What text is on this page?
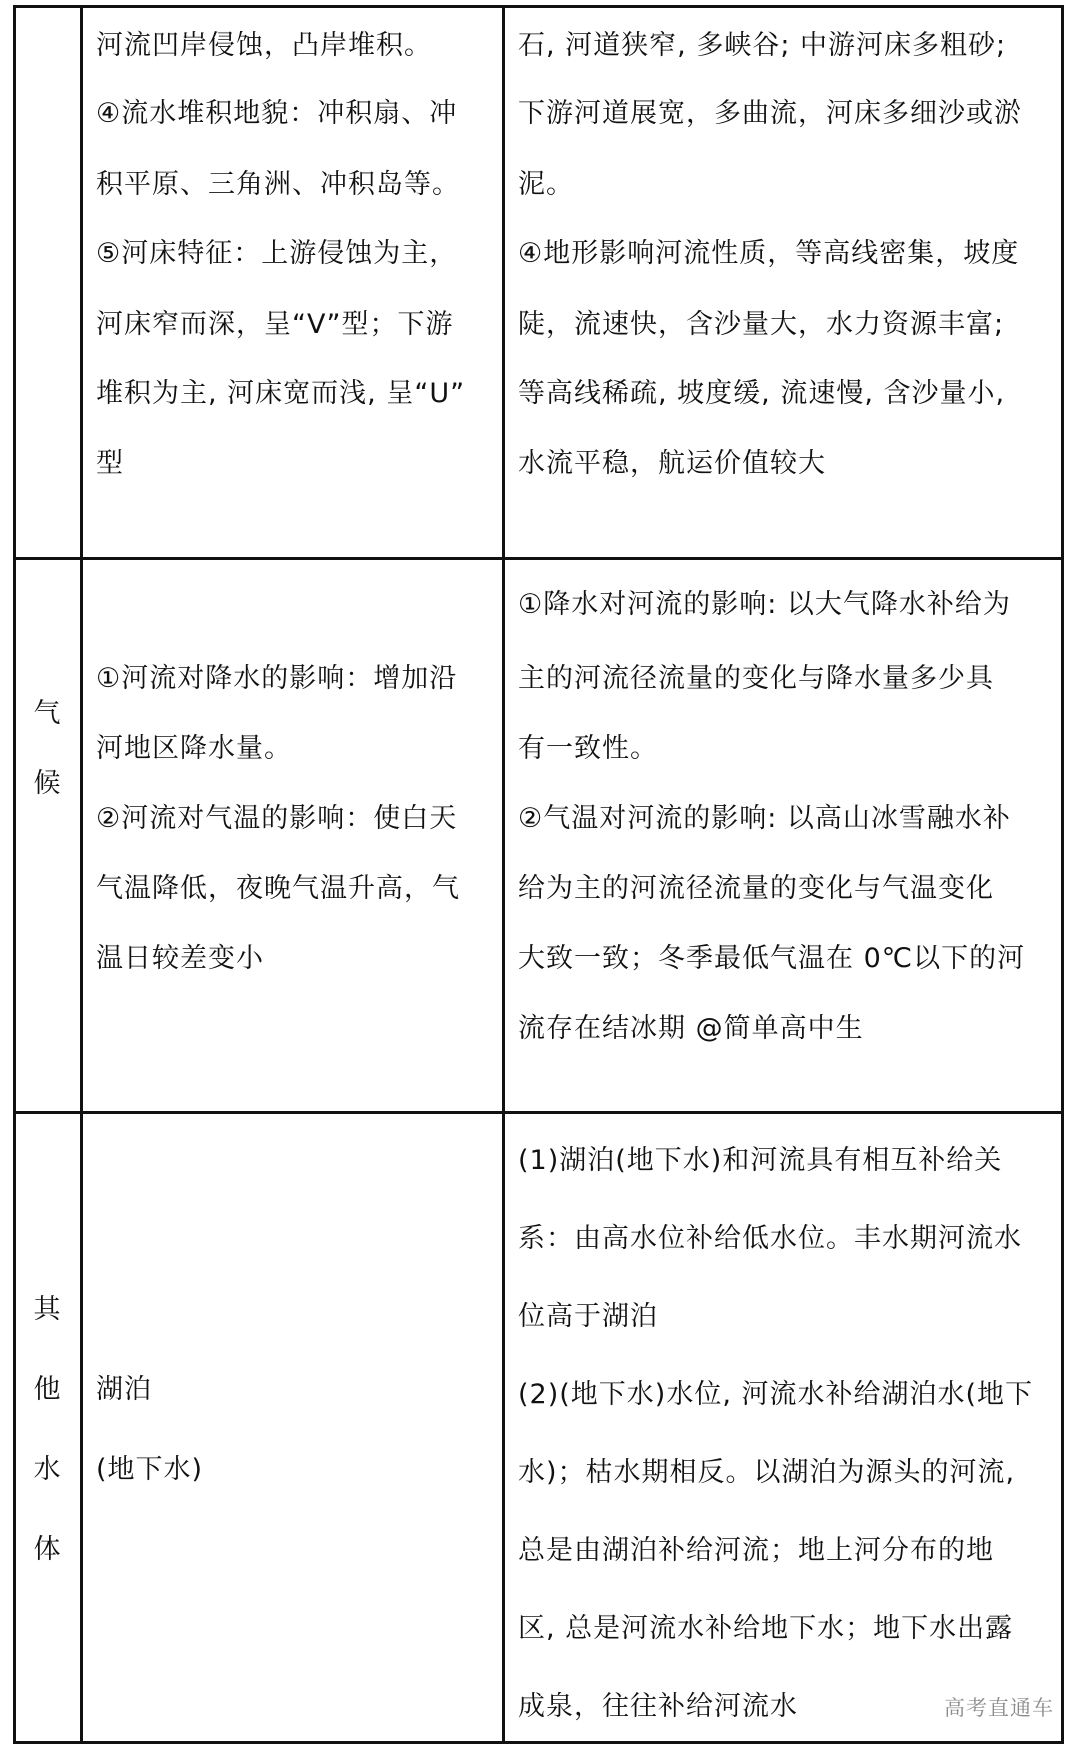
河流凹岸侵蚀，凸岸堆积。
④流水堆积地貌：冲积扇、冲
积平原、三角洲、冲积岛等。
⑤河床特征：上游侵蚀为主，
河床窄而深，呈“V”型；下游
堆积为主, 河床宽而浅, 呈“U”
型
石, 河道狭窄, 多峡谷; 中游河床多粗砂;
下游河道展宽，多曲流，河床多细沙或淤
泥。
④地形影响河流性质，等高线密集，坡度
陡，流速快，含沙量大，水力资源丰富;
等高线稀疏, 坡度缓, 流速慢, 含沙量小,
水流平稳，航运价值较大
气
候
①河流对降水的影响：增加沿
河地区降水量。
②河流对气温的影响：使白天
气温降低，夜晚气温升高，气
温日较差变小
①降水对河流的影响: 以大气降水补给为
主的河流径流量的变化与降水量多少具
有一致性。
②气温对河流的影响: 以高山冰雪融水补
给为主的河流径流量的变化与气温变化
大致一致；冬季最低气温在 0℃以下的河
流存在结冰期 @简单高中生
其
他
水
体
湖泊
(地下水)
(1)湖泊(地下水)和河流具有相互补给关
系：由高水位补给低水位。丰水期河流水
位高于湖泊
(2)(地下水)水位, 河流水补给湖泊水(地下
水)；枯水期相反。以湖泊为源头的河流,
总是由湖泊补给河流；地上河分布的地
区, 总是河流水补给地下水；地下水出露
成泉，往往补给河流水	高考直通车
